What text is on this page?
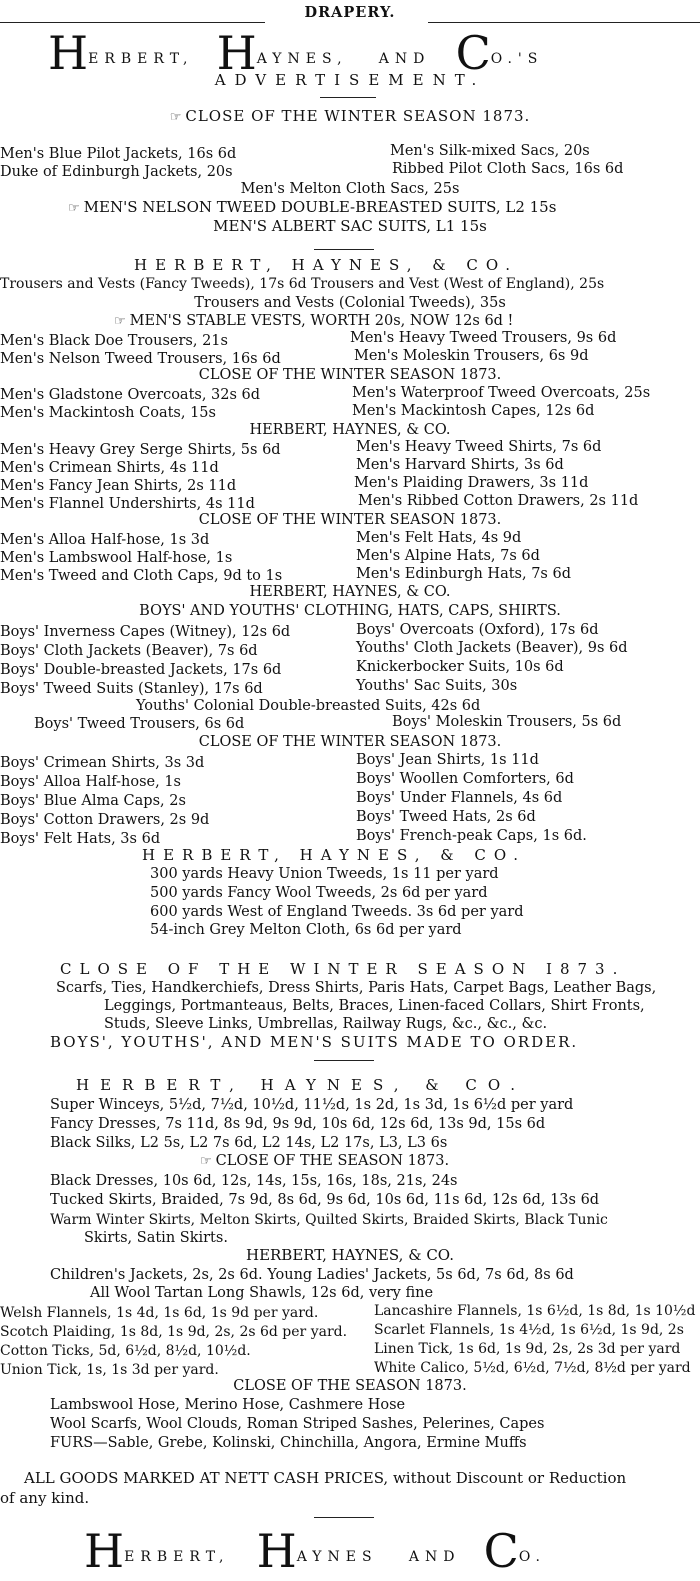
DRAPERY.
HERBERT, HAYNES, AND CO.'S
ADVERTISEMENT.
☞ CLOSE OF THE WINTER SEASON 1873.
Men's Blue Pilot Jackets, 16s 6d	Men's Silk-mixed Sacs, 20s
Duke of Edinburgh Jackets, 20s	Ribbed Pilot Cloth Sacs, 16s 6d
Men's Melton Cloth Sacs, 25s
☞ MEN'S NELSON TWEED DOUBLE-BREASTED SUITS, L2 15s
MEN'S ALBERT SAC SUITS, L1 15s
HERBERT, HAYNES, & CO.
Trousers and Vests (Fancy Tweeds), 17s 6d Trousers and Vest (West of England), 25s
Trousers and Vests (Colonial Tweeds), 35s
☞ MEN'S STABLE VESTS, WORTH 20s, NOW 12s 6d !
Men's Black Doe Trousers, 21s	Men's Heavy Tweed Trousers, 9s 6d
Men's Nelson Tweed Trousers, 16s 6d	Men's Moleskin Trousers, 6s 9d
CLOSE OF THE WINTER SEASON 1873.
Men's Gladstone Overcoats, 32s 6d	Men's Waterproof Tweed Overcoats, 25s
Men's Mackintosh Coats, 15s	Men's Mackintosh Capes, 12s 6d
HERBERT, HAYNES, & CO.
Men's Heavy Grey Serge Shirts, 5s 6d	Men's Heavy Tweed Shirts, 7s 6d
Men's Crimean Shirts, 4s 11d	Men's Harvard Shirts, 3s 6d
Men's Fancy Jean Shirts, 2s 11d	Men's Plaiding Drawers, 3s 11d
Men's Flannel Undershirts, 4s 11d	Men's Ribbed Cotton Drawers, 2s 11d
CLOSE OF THE WINTER SEASON 1873.
Men's Alloa Half-hose, 1s 3d	Men's Felt Hats, 4s 9d
Men's Lambswool Half-hose, 1s	Men's Alpine Hats, 7s 6d
Men's Tweed and Cloth Caps, 9d to 1s	Men's Edinburgh Hats, 7s 6d
HERBERT, HAYNES, & CO.
BOYS' AND YOUTHS' CLOTHING, HATS, CAPS, SHIRTS.
Boys' Inverness Capes (Witney), 12s 6d	Boys' Overcoats (Oxford), 17s 6d
Boys' Cloth Jackets (Beaver), 7s 6d	Youths' Cloth Jackets (Beaver), 9s 6d
Boys' Double-breasted Jackets, 17s 6d	Knickerbocker Suits, 10s 6d
Boys' Tweed Suits (Stanley), 17s 6d	Youths' Sac Suits, 30s
Youths' Colonial Double-breasted Suits, 42s 6d
Boys' Tweed Trousers, 6s 6d	Boys' Moleskin Trousers, 5s 6d
CLOSE OF THE WINTER SEASON 1873.
Boys' Crimean Shirts, 3s 3d	Boys' Jean Shirts, 1s 11d
Boys' Alloa Half-hose, 1s	Boys' Woollen Comforters, 6d
Boys' Blue Alma Caps, 2s	Boys' Under Flannels, 4s 6d
Boys' Cotton Drawers, 2s 9d	Boys' Tweed Hats, 2s 6d
Boys' Felt Hats, 3s 6d	Boys' French-peak Caps, 1s 6d.
HERBERT, HAYNES, & CO.
300 yards Heavy Union Tweeds, 1s 11 per yard
500 yards Fancy Wool Tweeds, 2s 6d per yard
600 yards West of England Tweeds. 3s 6d per yard
54-inch Grey Melton Cloth, 6s 6d per yard
CLOSE OF THE WINTER SEASON I873.
Scarfs, Ties, Handkerchiefs, Dress Shirts, Paris Hats, Carpet Bags, Leather Bags,
Leggings, Portmanteaus, Belts, Braces, Linen-faced Collars, Shirt Fronts,
Studs, Sleeve Links, Umbrellas, Railway Rugs, &c., &c., &c.
BOYS', YOUTHS', AND MEN'S SUITS MADE TO ORDER.
HERBERT, HAYNES, & CO.
Super Winceys, 5½d, 7½d, 10½d, 11½d, 1s 2d, 1s 3d, 1s 6½d per yard
Fancy Dresses, 7s 11d, 8s 9d, 9s 9d, 10s 6d, 12s 6d, 13s 9d, 15s 6d
Black Silks, L2 5s, L2 7s 6d, L2 14s, L2 17s, L3, L3 6s
☞ CLOSE OF THE SEASON 1873.
Black Dresses, 10s 6d, 12s, 14s, 15s, 16s, 18s, 21s, 24s
Tucked Skirts, Braided, 7s 9d, 8s 6d, 9s 6d, 10s 6d, 11s 6d, 12s 6d, 13s 6d
Warm Winter Skirts, Melton Skirts, Quilted Skirts, Braided Skirts, Black Tunic
Skirts, Satin Skirts.
HERBERT, HAYNES, & CO.
Children's Jackets, 2s, 2s 6d. Young Ladies' Jackets, 5s 6d, 7s 6d, 8s 6d
All Wool Tartan Long Shawls, 12s 6d, very fine
Welsh Flannels, 1s 4d, 1s 6d, 1s 9d per yard.	Lancashire Flannels, 1s 6½d, 1s 8d, 1s 10½d
Scotch Plaiding, 1s 8d, 1s 9d, 2s, 2s 6d per yard. Scarlet Flannels, 1s 4½d, 1s 6½d, 1s 9d, 2s
Cotton Ticks, 5d, 6½d, 8½d, 10½d.	Linen Tick, 1s 6d, 1s 9d, 2s, 2s 3d per yard
Union Tick, 1s, 1s 3d per yard.	White Calico, 5½d, 6½d, 7½d, 8½d per yard
CLOSE OF THE SEASON 1873.
Lambswool Hose, Merino Hose, Cashmere Hose
Wool Scarfs, Wool Clouds, Roman Striped Sashes, Pelerines, Capes
FURS—Sable, Grebe, Kolinski, Chinchilla, Angora, Ermine Muffs
ALL GOODS MARKED AT NETT CASH PRICES, without Discount or Reduction
of any kind.
HERBERT, HAYNES AND CO.
